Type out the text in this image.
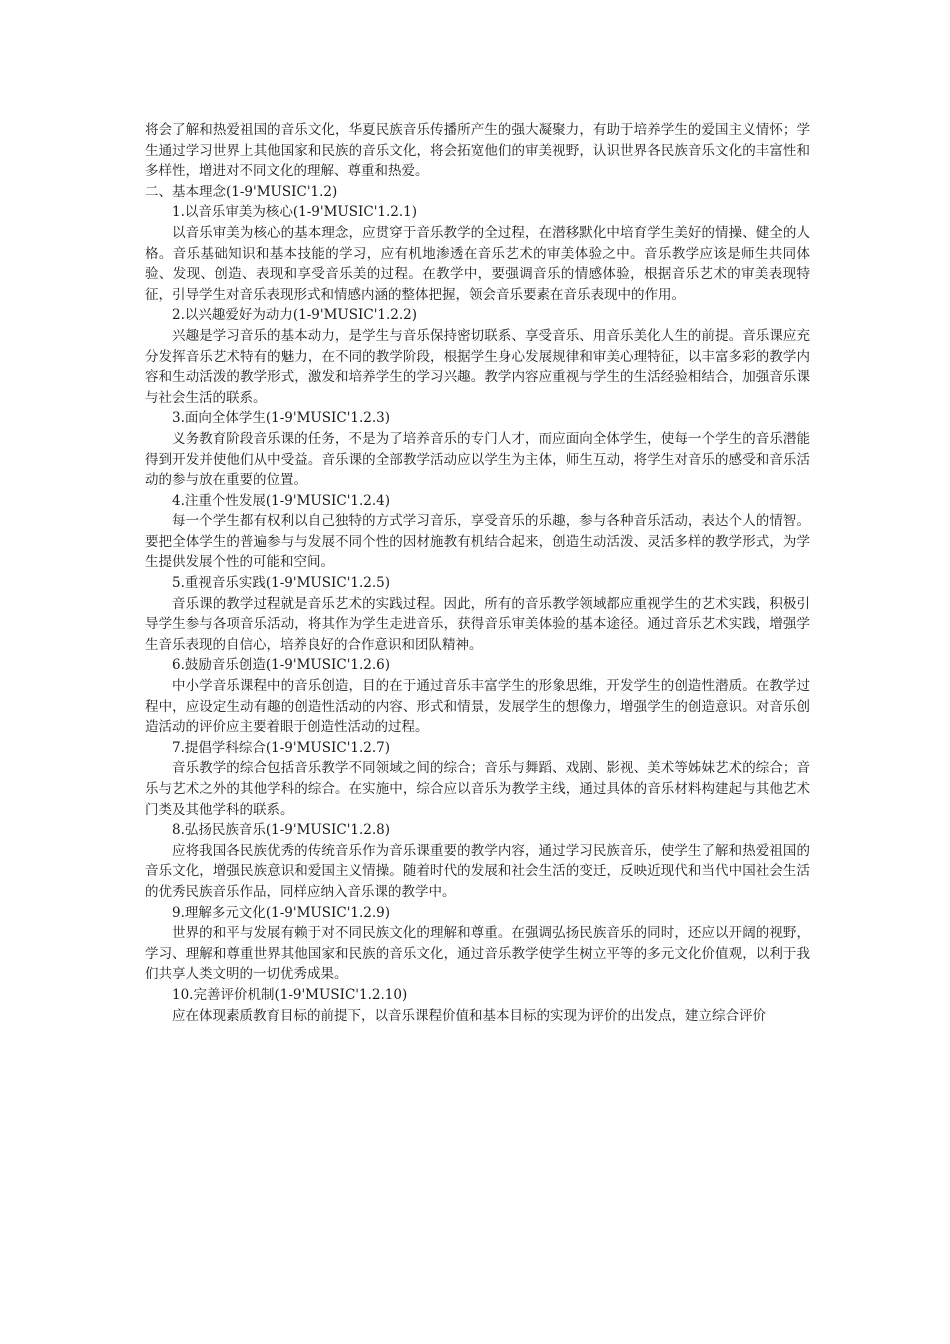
将会了解和热爱祖国的音乐文化，华夏民族音乐传播所产生的强大凝聚力，有助于培养学生的爱国主义情怀；学生通过学习世界上其他国家和民族的音乐文化，将会拓宽他们的审美视野，认识世界各民族音乐文化的丰富性和多样性，增进对不同文化的理解、尊重和热爱。

二、基本理念(1-9'MUSIC'1.2)

1.以音乐审美为核心(1-9'MUSIC'1.2.1)

以音乐审美为核心的基本理念，应贯穿于音乐教学的全过程，在潜移默化中培育学生美好的情操、健全的人格。音乐基础知识和基本技能的学习，应有机地渗透在音乐艺术的审美体验之中。音乐教学应该是师生共同体验、发现、创造、表现和享受音乐美的过程。在教学中，要强调音乐的情感体验，根据音乐艺术的审美表现特征，引导学生对音乐表现形式和情感内涵的整体把握，领会音乐要素在音乐表现中的作用。

2.以兴趣爱好为动力(1-9'MUSIC'1.2.2)

兴趣是学习音乐的基本动力，是学生与音乐保持密切联系、享受音乐、用音乐美化人生的前提。音乐课应充分发挥音乐艺术特有的魅力，在不同的教学阶段，根据学生身心发展规律和审美心理特征，以丰富多彩的教学内容和生动活泼的教学形式，激发和培养学生的学习兴趣。教学内容应重视与学生的生活经验相结合，加强音乐课与社会生活的联系。

3.面向全体学生(1-9'MUSIC'1.2.3)

义务教育阶段音乐课的任务，不是为了培养音乐的专门人才，而应面向全体学生，使每一个学生的音乐潜能得到开发并使他们从中受益。音乐课的全部教学活动应以学生为主体，师生互动，将学生对音乐的感受和音乐活动的参与放在重要的位置。

4.注重个性发展(1-9'MUSIC'1.2.4)

每一个学生都有权利以自己独特的方式学习音乐，享受音乐的乐趣，参与各种音乐活动，表达个人的情智。要把全体学生的普遍参与与发展不同个性的因材施教有机结合起来，创造生动活泼、灵活多样的教学形式，为学生提供发展个性的可能和空间。

5.重视音乐实践(1-9'MUSIC'1.2.5)

音乐课的教学过程就是音乐艺术的实践过程。因此，所有的音乐教学领域都应重视学生的艺术实践，积极引导学生参与各项音乐活动，将其作为学生走进音乐，获得音乐审美体验的基本途径。通过音乐艺术实践，增强学生音乐表现的自信心，培养良好的合作意识和团队精神。

6.鼓励音乐创造(1-9'MUSIC'1.2.6)

中小学音乐课程中的音乐创造，目的在于通过音乐丰富学生的形象思维，开发学生的创造性潜质。在教学过程中，应设定生动有趣的创造性活动的内容、形式和情景，发展学生的想像力，增强学生的创造意识。对音乐创造活动的评价应主要着眼于创造性活动的过程。

7.提倡学科综合(1-9'MUSIC'1.2.7)

音乐教学的综合包括音乐教学不同领域之间的综合；音乐与舞蹈、戏剧、影视、美术等姊妹艺术的综合；音乐与艺术之外的其他学科的综合。在实施中，综合应以音乐为教学主线，通过具体的音乐材料构建起与其他艺术门类及其他学科的联系。

8.弘扬民族音乐(1-9'MUSIC'1.2.8)

应将我国各民族优秀的传统音乐作为音乐课重要的教学内容，通过学习民族音乐，使学生了解和热爱祖国的音乐文化，增强民族意识和爱国主义情操。随着时代的发展和社会生活的变迁，反映近现代和当代中国社会生活的优秀民族音乐作品，同样应纳入音乐课的教学中。

9.理解多元文化(1-9'MUSIC'1.2.9)

世界的和平与发展有赖于对不同民族文化的理解和尊重。在强调弘扬民族音乐的同时，还应以开阔的视野，学习、理解和尊重世界其他国家和民族的音乐文化，通过音乐教学使学生树立平等的多元文化价值观，以利于我们共享人类文明的一切优秀成果。

10.完善评价机制(1-9'MUSIC'1.2.10)

应在体现素质教育目标的前提下，以音乐课程价值和基本目标的实现为评价的出发点，建立综合评价
